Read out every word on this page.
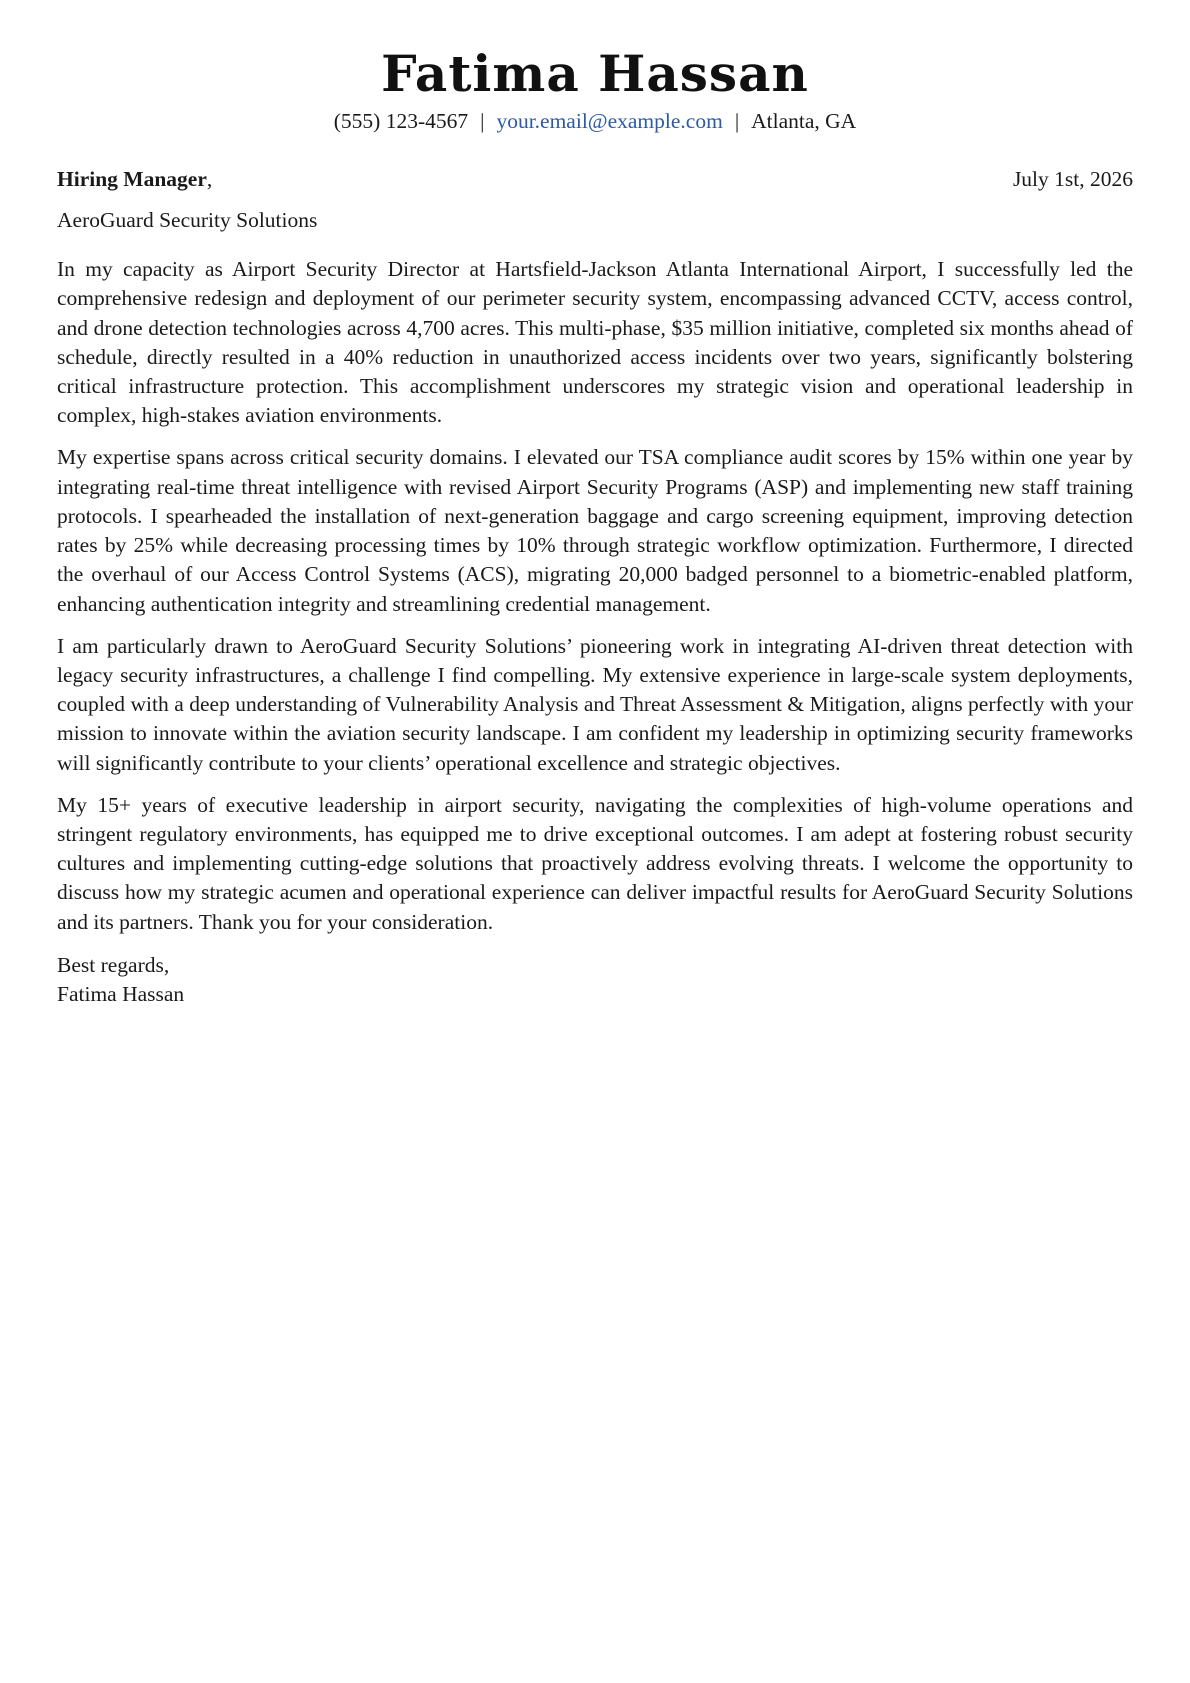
Fatima Hassan
(555) 123-4567 | your.email@example.com | Atlanta, GA
Hiring Manager,	July 1st, 2026
AeroGuard Security Solutions

In my capacity as Airport Security Director at Hartsfield-Jackson Atlanta International Airport, I successfully led the comprehensive redesign and deployment of our perimeter security system, encompassing advanced CCTV, access control, and drone detection technologies across 4,700 acres. This multi-phase, $35 million initiative, completed six months ahead of schedule, directly resulted in a 40% reduction in unauthorized access incidents over two years, significantly bolstering critical infrastructure protection. This accomplishment underscores my strategic vision and operational leadership in complex, high-stakes aviation environments.

My expertise spans across critical security domains. I elevated our TSA compliance audit scores by 15% within one year by integrating real-time threat intelligence with revised Airport Security Programs (ASP) and implementing new staff training protocols. I spearheaded the installation of next-generation baggage and cargo screening equipment, improving detection rates by 25% while decreasing processing times by 10% through strategic workflow optimization. Furthermore, I directed the overhaul of our Access Control Systems (ACS), migrating 20,000 badged personnel to a biometric-enabled platform, enhancing authentication integrity and streamlining credential management.

I am particularly drawn to AeroGuard Security Solutions’ pioneering work in integrating AI-driven threat detection with legacy security infrastructures, a challenge I find compelling. My extensive experience in large-scale system deployments, coupled with a deep understanding of Vulnerability Analysis and Threat Assessment & Mitigation, aligns perfectly with your mission to innovate within the aviation security landscape. I am confident my leadership in optimizing security frameworks will significantly contribute to your clients’ operational excellence and strategic objectives.

My 15+ years of executive leadership in airport security, navigating the complexities of high-volume operations and stringent regulatory environments, has equipped me to drive exceptional outcomes. I am adept at fostering robust security cultures and implementing cutting-edge solutions that proactively address evolving threats. I welcome the opportunity to discuss how my strategic acumen and operational experience can deliver impactful results for AeroGuard Security Solutions and its partners. Thank you for your consideration.

Best regards,
Fatima Hassan
